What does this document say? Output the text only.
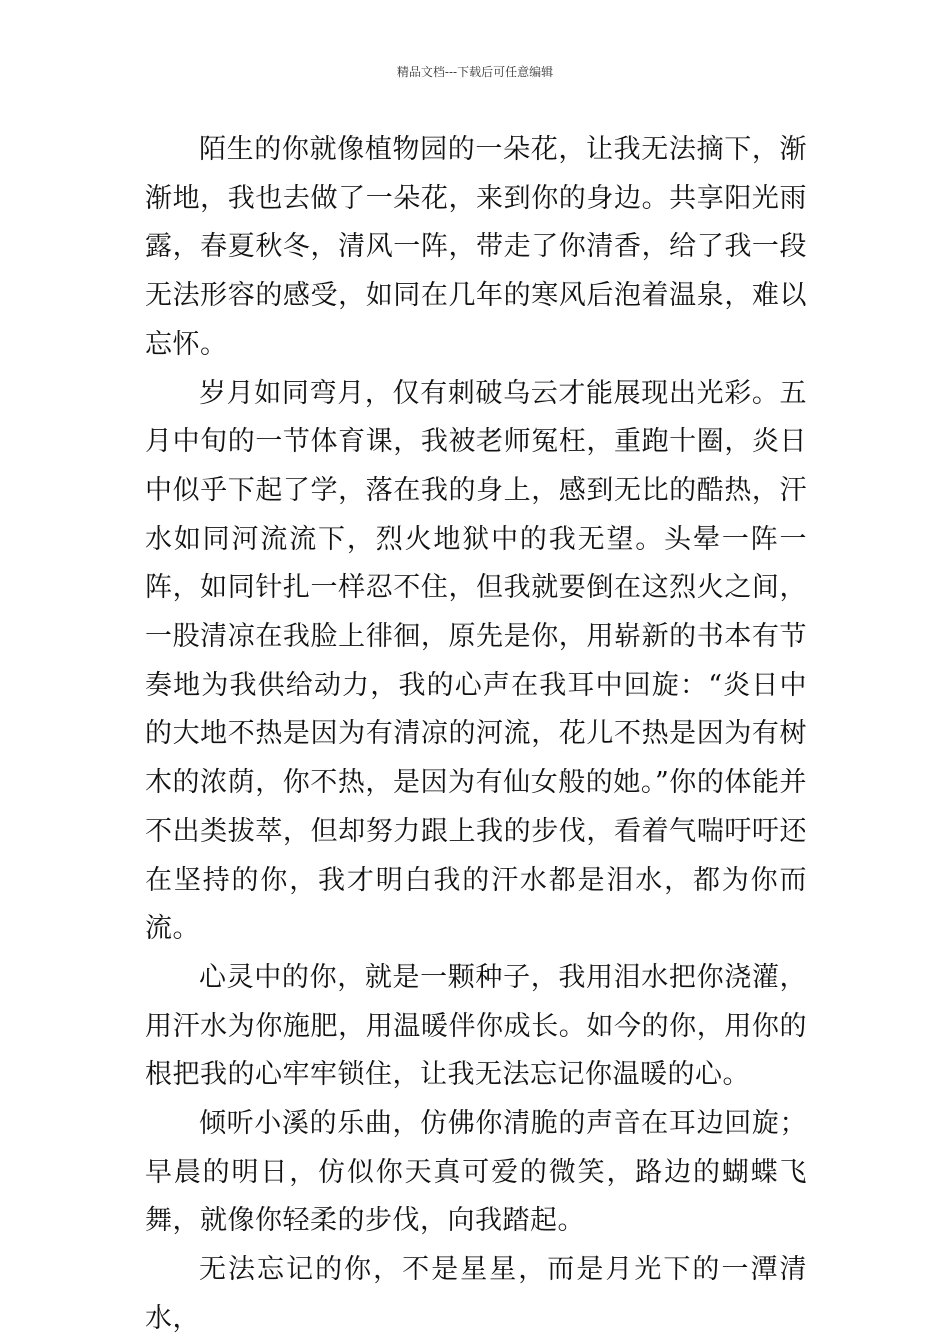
精品文档---下载后可任意编辑

陌生的你就像植物园的一朵花，让我无法摘下，渐渐地，我也去做了一朵花，来到你的身边。共享阳光雨露，春夏秋冬，清风一阵，带走了你清香，给了我一段无法形容的感受，如同在几年的寒风后泡着温泉，难以忘怀。

岁月如同弯月，仅有刺破乌云才能展现出光彩。五月中旬的一节体育课，我被老师冤枉，重跑十圈，炎日中似乎下起了学，落在我的身上，感到无比的酷热，汗水如同河流流下，烈火地狱中的我无望。头晕一阵一阵，如同针扎一样忍不住，但我就要倒在这烈火之间，一股清凉在我脸上徘徊，原先是你，用崭新的书本有节奏地为我供给动力，我的心声在我耳中回旋：“炎日中的大地不热是因为有清凉的河流，花儿不热是因为有树木的浓荫，你不热，是因为有仙女般的她。”你的体能并不出类拔萃，但却努力跟上我的步伐，看着气喘吁吁还在坚持的你，我才明白我的汗水都是泪水，都为你而流。

心灵中的你，就是一颗种子，我用泪水把你浇灌，用汗水为你施肥，用温暖伴你成长。如今的你，用你的根把我的心牢牢锁住，让我无法忘记你温暖的心。

倾听小溪的乐曲，仿佛你清脆的声音在耳边回旋；早晨的明日，仿似你天真可爱的微笑，路边的蝴蝶飞舞，就像你轻柔的步伐，向我踏起。

无法忘记的你，不是星星，而是月光下的一潭清水，
